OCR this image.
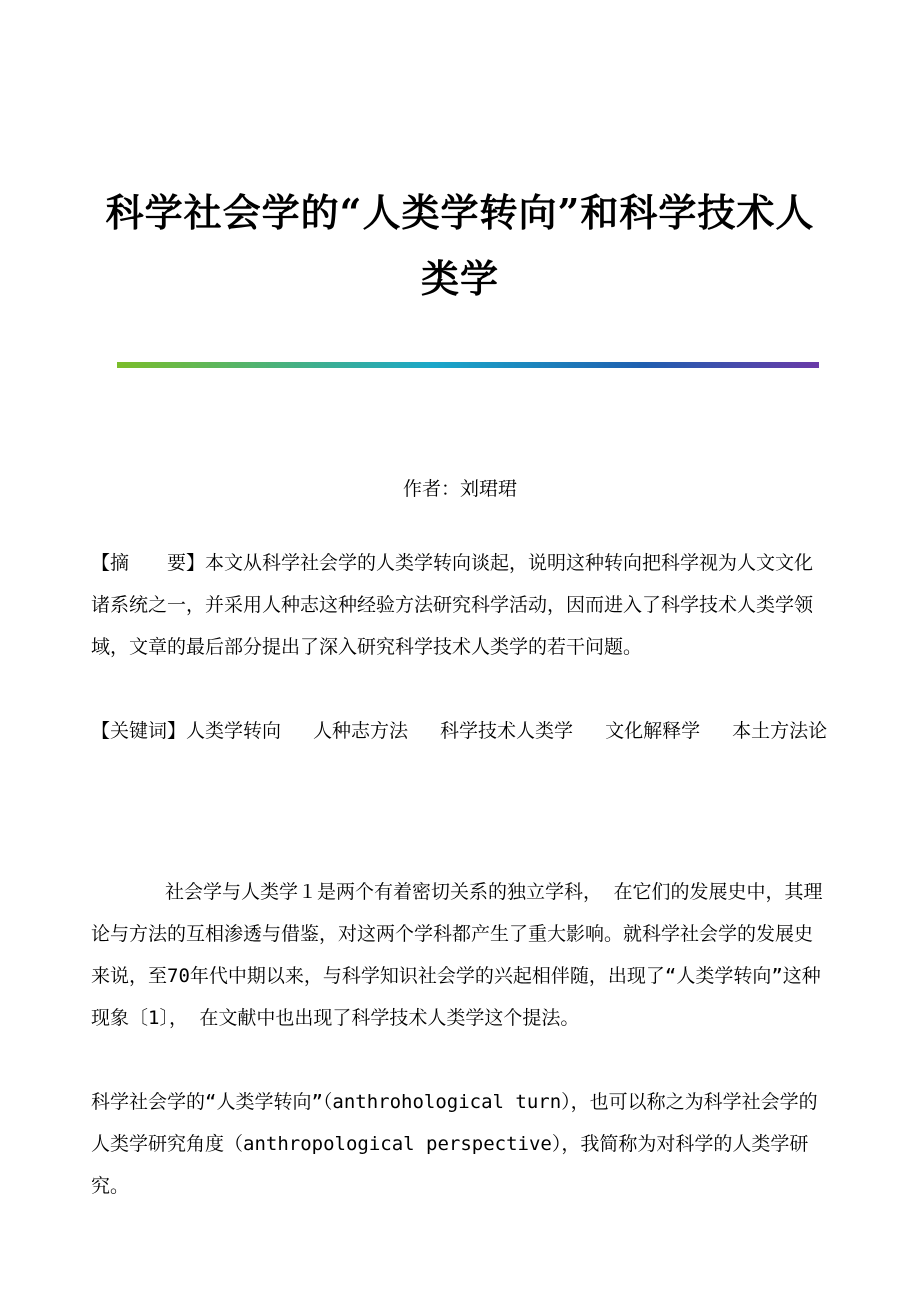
科学社会学的“人类学转向”和科学技术人
类学
作者：刘珺珺

【摘　　要】本文从科学社会学的人类学转向谈起，说明这种转向把科学视为人文文化诸系统之一，并采用人种志这种经验方法研究科学活动，因而进入了科学技术人类学领域，文章的最后部分提出了深入研究科学技术人类学的若干问题。

【关键词】人类学转向 人种志方法 科学技术人类学 文化解释学 本土方法论

社会学与人类学１是两个有着密切关系的独立学科， 在它们的发展史中，其理论与方法的互相渗透与借鉴，对这两个学科都产生了重大影响。就科学社会学的发展史来说，至70年代中期以来，与科学知识社会学的兴起相伴随，出现了“人类学转向”这种现象〔1〕， 在文献中也出现了科学技术人类学这个提法。

科学社会学的“人类学转向”（anthrohological turn），也可以称之为科学社会学的人类学研究角度（anthropological perspective），我简称为对科学的人类学研究。
